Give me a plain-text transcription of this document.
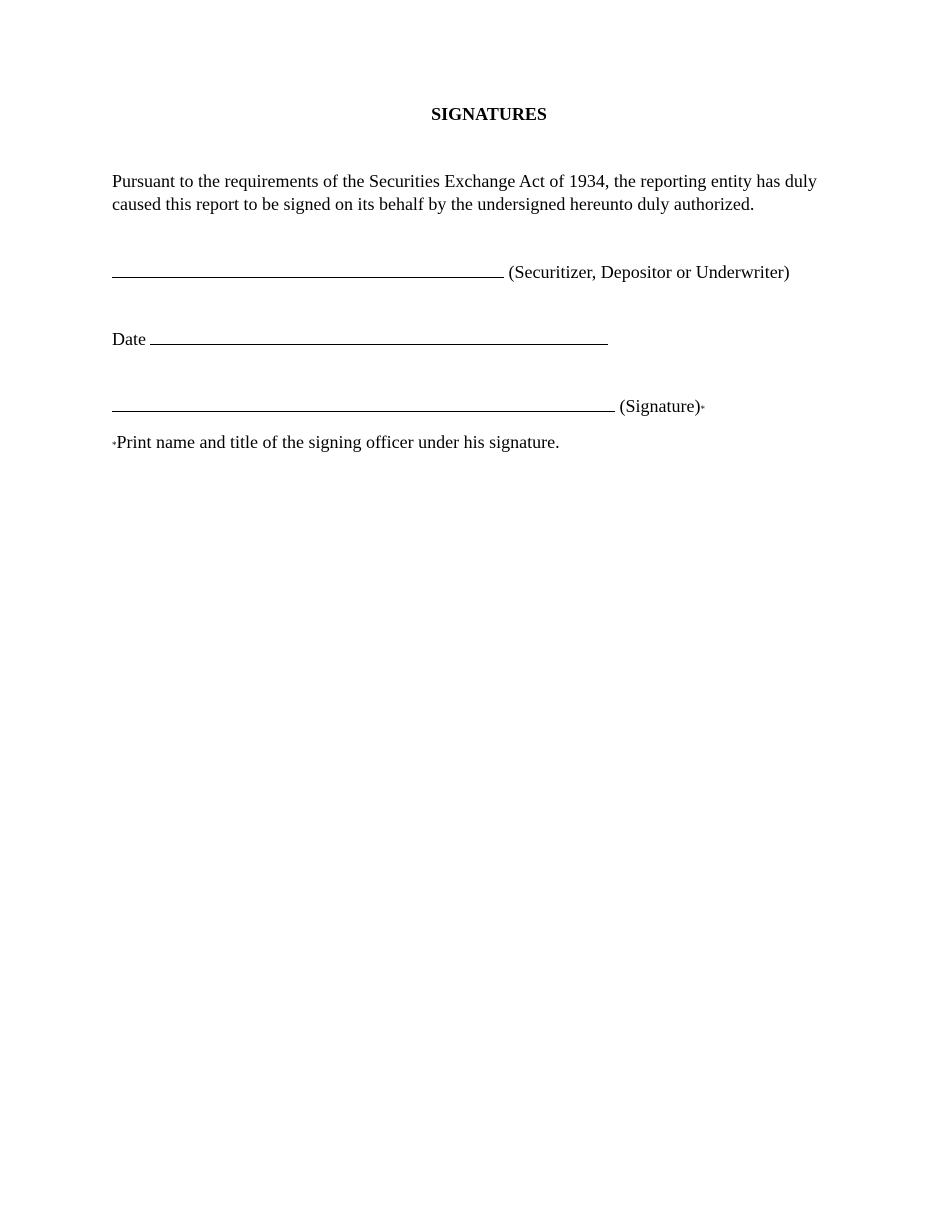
SIGNATURES

Pursuant to the requirements of the Securities Exchange Act of 1934, the reporting entity has duly caused this report to be signed on its behalf by the undersigned hereunto duly authorized.

(Securitizer, Depositor or Underwriter)

Date

(Signature)*

*Print name and title of the signing officer under his signature.
